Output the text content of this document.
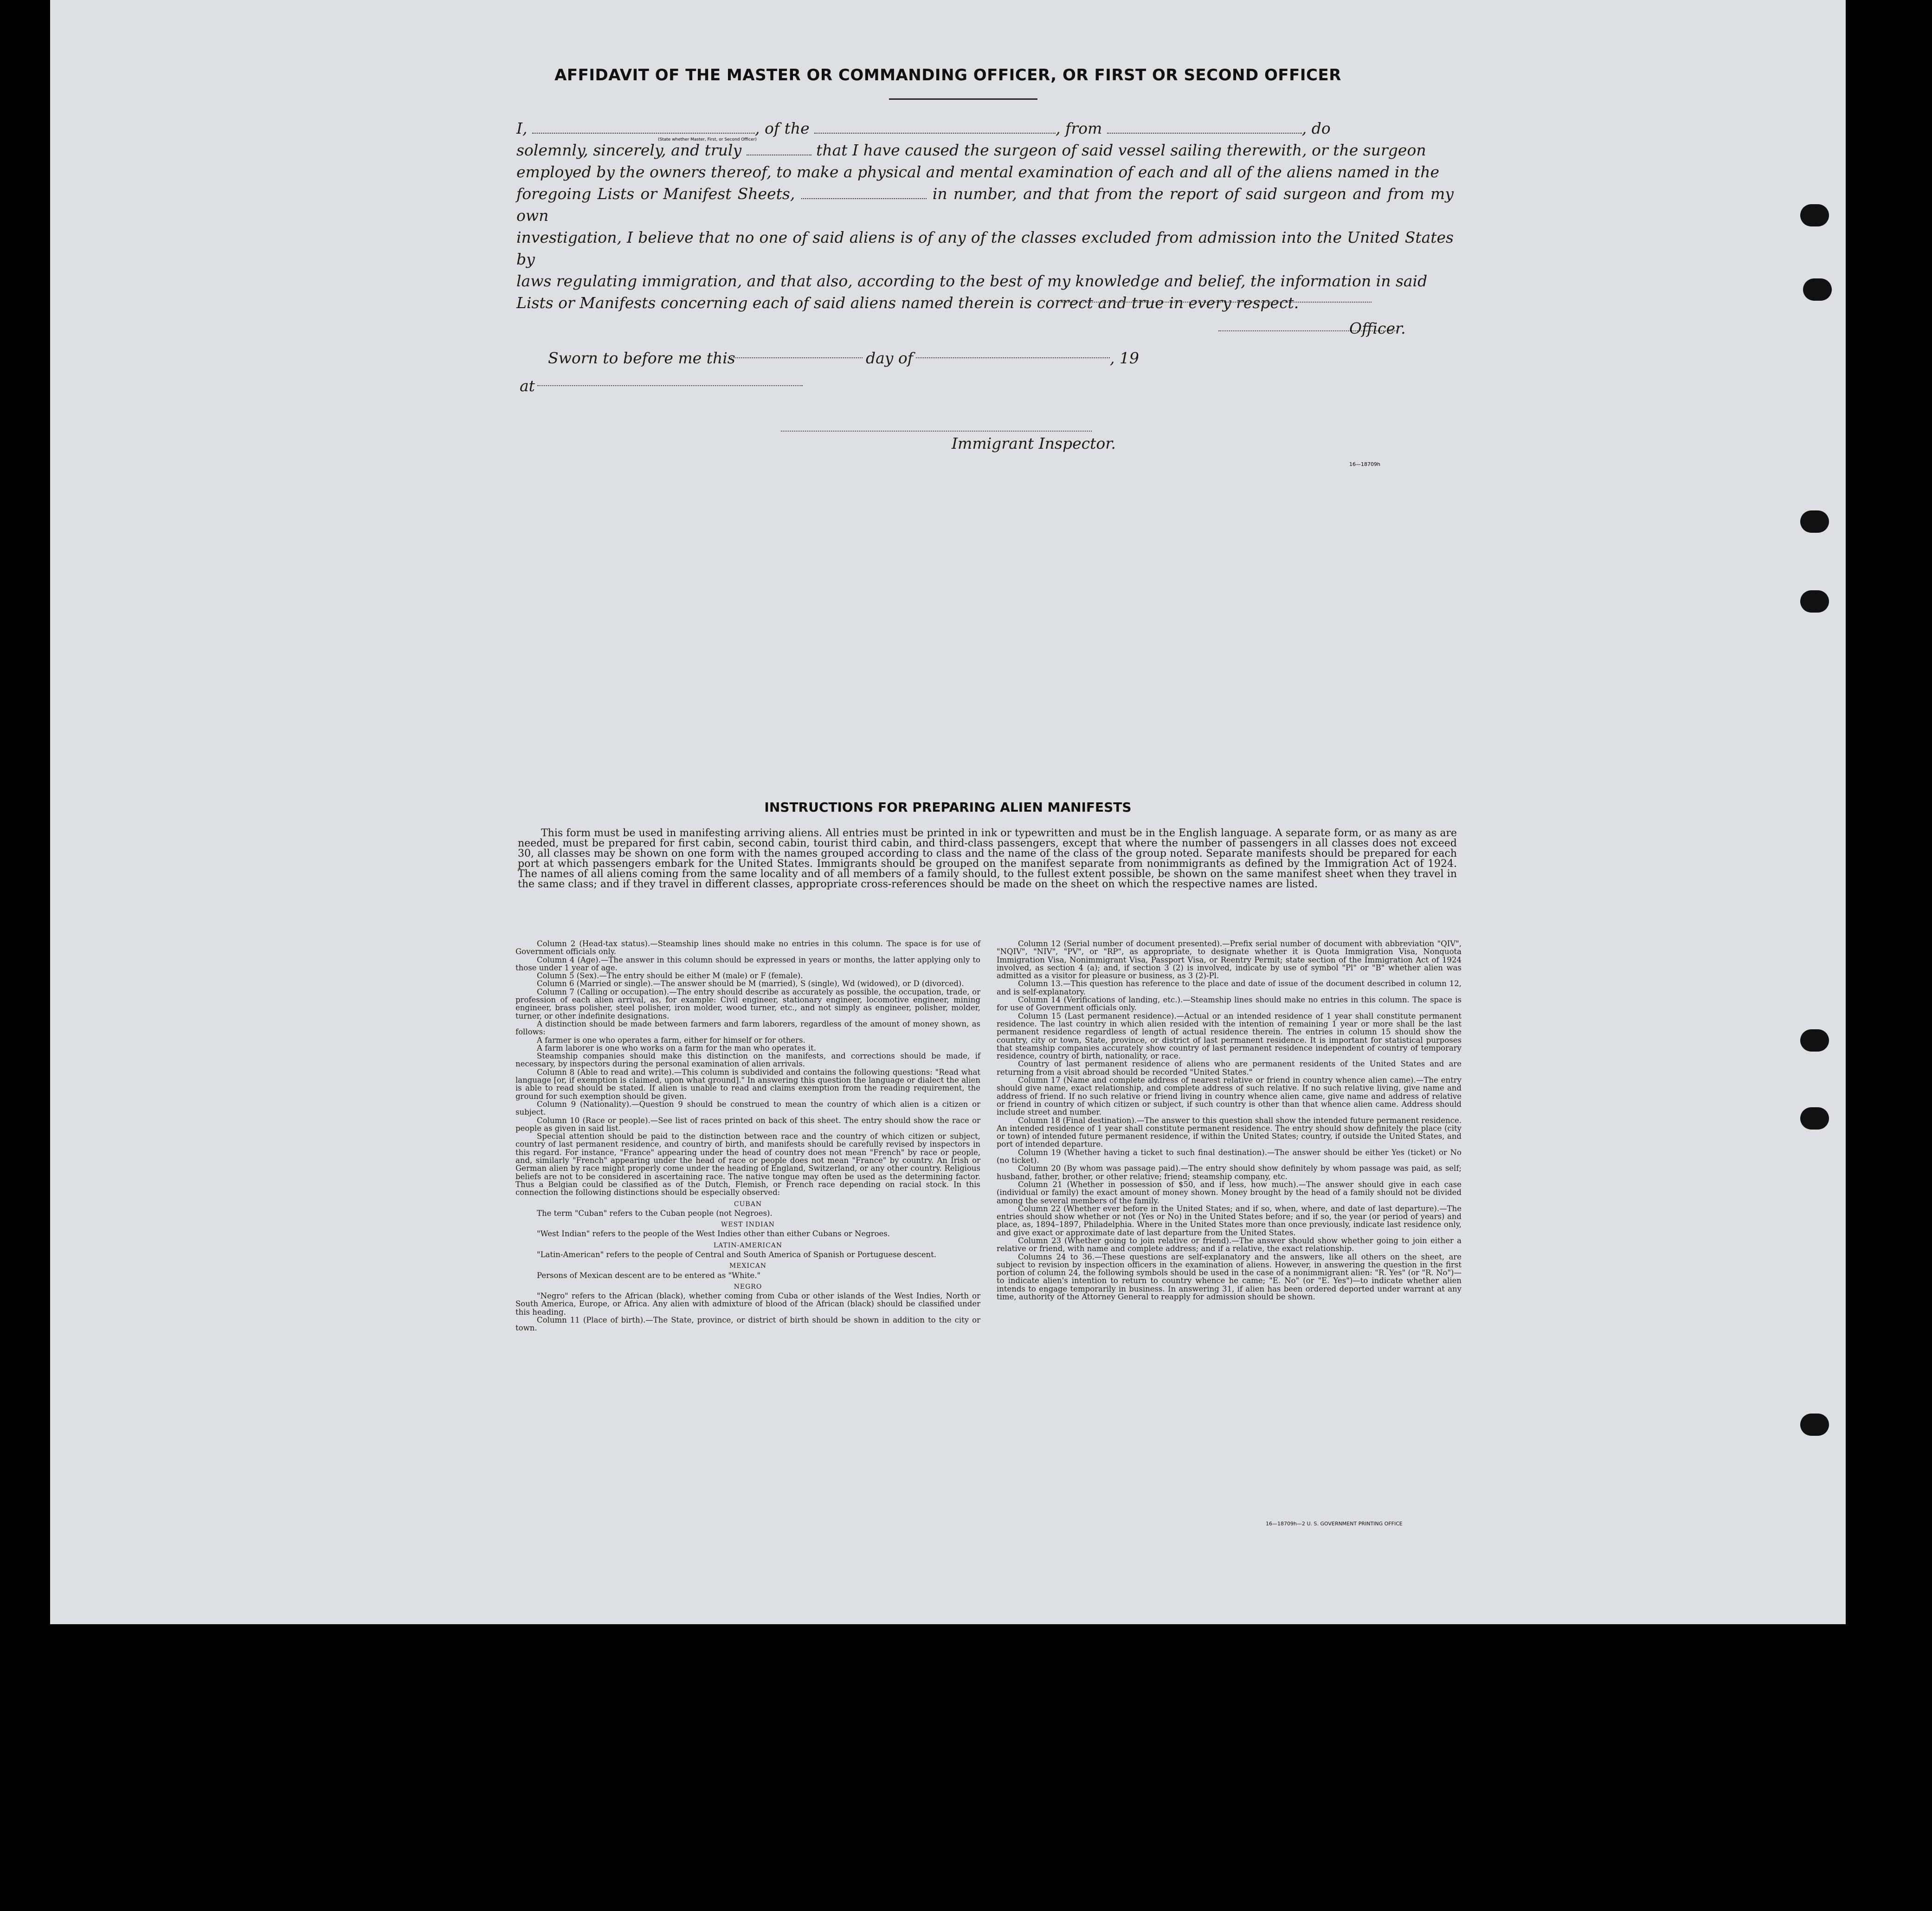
AFFIDAVIT OF THE MASTER OR COMMANDING OFFICER, OR FIRST OR SECOND OFFICER
I,	, of the	, from	, do
solemnly, sincerely, and truly	that I have caused the surgeon of said vessel sailing therewith, or the surgeon
employed by the owners thereof, to make a physical and mental examination of each and all of the aliens named in the
foregoing Lists or Manifest Sheets,	in number, and that from the report of said surgeon and from my own
investigation, I believe that no one of said aliens is of any of the classes excluded from admission into the United States by
laws regulating immigration, and that also, according to the best of my knowledge and belief, the information in said
Lists or Manifests concerning each of said aliens named therein is correct and true in every respect.
(State whether Master, First, or Second Officer)
Officer.
Sworn to before me this	day of	, 19
at
Immigrant Inspector.
16—18709h
INSTRUCTIONS FOR PREPARING ALIEN MANIFESTS
This form must be used in manifesting arriving aliens. All entries must be printed in ink or typewritten and must be in the English language. A separate form, or as many as are needed, must be prepared for first cabin, second cabin, tourist third cabin, and third-class passengers, except that where the number of passengers in all classes does not exceed 30, all classes may be shown on one form with the names grouped according to class and the name of the class of the group noted. Separate manifests should be prepared for each port at which passengers embark for the United States. Immigrants should be grouped on the manifest separate from nonimmigrants as defined by the Immigration Act of 1924. The names of all aliens coming from the same locality and of all members of a family should, to the fullest extent possible, be shown on the same manifest sheet when they travel in the same class; and if they travel in different classes, appropriate cross-references should be made on the sheet on which the respective names are listed.

Column 2 (Head-tax status).—Steamship lines should make no entries in this column. The space is for use of Government officials only.

Column 4 (Age).—The answer in this column should be expressed in years or months, the latter applying only to those under 1 year of age.

Column 5 (Sex).—The entry should be either M (male) or F (female).

Column 6 (Married or single).—The answer should be M (married), S (single), Wd (widowed), or D (divorced).

Column 7 (Calling or occupation).—The entry should describe as accurately as possible, the occupation, trade, or profession of each alien arrival, as, for example: Civil engineer, stationary engineer, locomotive engineer, mining engineer, brass polisher, steel polisher, iron molder, wood turner, etc., and not simply as engineer, polisher, molder, turner, or other indefinite designations.

A distinction should be made between farmers and farm laborers, regardless of the amount of money shown, as follows:

A farmer is one who operates a farm, either for himself or for others.

A farm laborer is one who works on a farm for the man who operates it.

Steamship companies should make this distinction on the manifests, and corrections should be made, if necessary, by inspectors during the personal examination of alien arrivals.

Column 8 (Able to read and write).—This column is subdivided and contains the following questions: "Read what language [or, if exemption is claimed, upon what ground]." In answering this question the language or dialect the alien is able to read should be stated. If alien is unable to read and claims exemption from the reading requirement, the ground for such exemption should be given.

Column 9 (Nationality).—Question 9 should be construed to mean the country of which alien is a citizen or subject.

Column 10 (Race or people).—See list of races printed on back of this sheet. The entry should show the race or people as given in said list.

Special attention should be paid to the distinction between race and the country of which citizen or subject, country of last permanent residence, and country of birth, and manifests should be carefully revised by inspectors in this regard. For instance, "France" appearing under the head of country does not mean "French" by race or people, and, similarly "French" appearing under the head of race or people does not mean "France" by country. An Irish or German alien by race might properly come under the heading of England, Switzerland, or any other country. Religious beliefs are not to be considered in ascertaining race. The native tongue may often be used as the determining factor. Thus a Belgian could be classified as of the Dutch, Flemish, or French race depending on racial stock. In this connection the following distinctions should be especially observed:

CUBAN

The term "Cuban" refers to the Cuban people (not Negroes).

WEST INDIAN

"West Indian" refers to the people of the West Indies other than either Cubans or Negroes.

LATIN-AMERICAN

"Latin-American" refers to the people of Central and South America of Spanish or Portuguese descent.

MEXICAN

Persons of Mexican descent are to be entered as "White."

NEGRO

"Negro" refers to the African (black), whether coming from Cuba or other islands of the West Indies, North or South America, Europe, or Africa. Any alien with admixture of blood of the African (black) should be classified under this heading.

Column 11 (Place of birth).—The State, province, or district of birth should be shown in addition to the city or town.

Column 12 (Serial number of document presented).—Prefix serial number of document with abbreviation "QIV", "NQIV", "NIV", "PV", or "RP", as appropriate, to designate whether it is Quota Immigration Visa, Nonquota Immigration Visa, Nonimmigrant Visa, Passport Visa, or Reentry Permit; state section of the Immigration Act of 1924 involved, as section 4 (a); and, if section 3 (2) is involved, indicate by use of symbol "Pl" or "B" whether alien was admitted as a visitor for pleasure or business, as 3 (2)-Pl.

Column 13.—This question has reference to the place and date of issue of the document described in column 12, and is self-explanatory.

Column 14 (Verifications of landing, etc.).—Steamship lines should make no entries in this column. The space is for use of Government officials only.

Column 15 (Last permanent residence).—Actual or an intended residence of 1 year shall constitute permanent residence. The last country in which alien resided with the intention of remaining 1 year or more shall be the last permanent residence regardless of length of actual residence therein. The entries in column 15 should show the country, city or town, State, province, or district of last permanent residence. It is important for statistical purposes that steamship companies accurately show country of last permanent residence independent of country of temporary residence, country of birth, nationality, or race.

Country of last permanent residence of aliens who are permanent residents of the United States and are returning from a visit abroad should be recorded "United States."

Column 17 (Name and complete address of nearest relative or friend in country whence alien came).—The entry should give name, exact relationship, and complete address of such relative. If no such relative living, give name and address of friend. If no such relative or friend living in country whence alien came, give name and address of relative or friend in country of which citizen or subject, if such country is other than that whence alien came. Address should include street and number.

Column 18 (Final destination).—The answer to this question shall show the intended future permanent residence. An intended residence of 1 year shall constitute permanent residence. The entry should show definitely the place (city or town) of intended future permanent residence, if within the United States; country, if outside the United States, and port of intended departure.

Column 19 (Whether having a ticket to such final destination).—The answer should be either Yes (ticket) or No (no ticket).

Column 20 (By whom was passage paid).—The entry should show definitely by whom passage was paid, as self; husband, father, brother, or other relative; friend; steamship company, etc.

Column 21 (Whether in possession of $50, and if less, how much).—The answer should give in each case (individual or family) the exact amount of money shown. Money brought by the head of a family should not be divided among the several members of the family.

Column 22 (Whether ever before in the United States; and if so, when, where, and date of last departure).—The entries should show whether or not (Yes or No) in the United States before; and if so, the year (or period of years) and place, as, 1894–1897, Philadelphia. Where in the United States more than once previously, indicate last residence only, and give exact or approximate date of last departure from the United States.

Column 23 (Whether going to join relative or friend).—The answer should show whether going to join either a relative or friend, with name and complete address; and if a relative, the exact relationship.

Columns 24 to 36.—These questions are self-explanatory and the answers, like all others on the sheet, are subject to revision by inspection officers in the examination of aliens. However, in answering the question in the first portion of column 24, the following symbols should be used in the case of a nonimmigrant alien: "R. Yes" (or "R. No")—to indicate alien's intention to return to country whence he came; "E. No" (or "E. Yes")—to indicate whether alien intends to engage temporarily in business. In answering 31, if alien has been ordered deported under warrant at any time, authority of the Attorney General to reapply for admission should be shown.

16—18709h—2 U. S. GOVERNMENT PRINTING OFFICE
